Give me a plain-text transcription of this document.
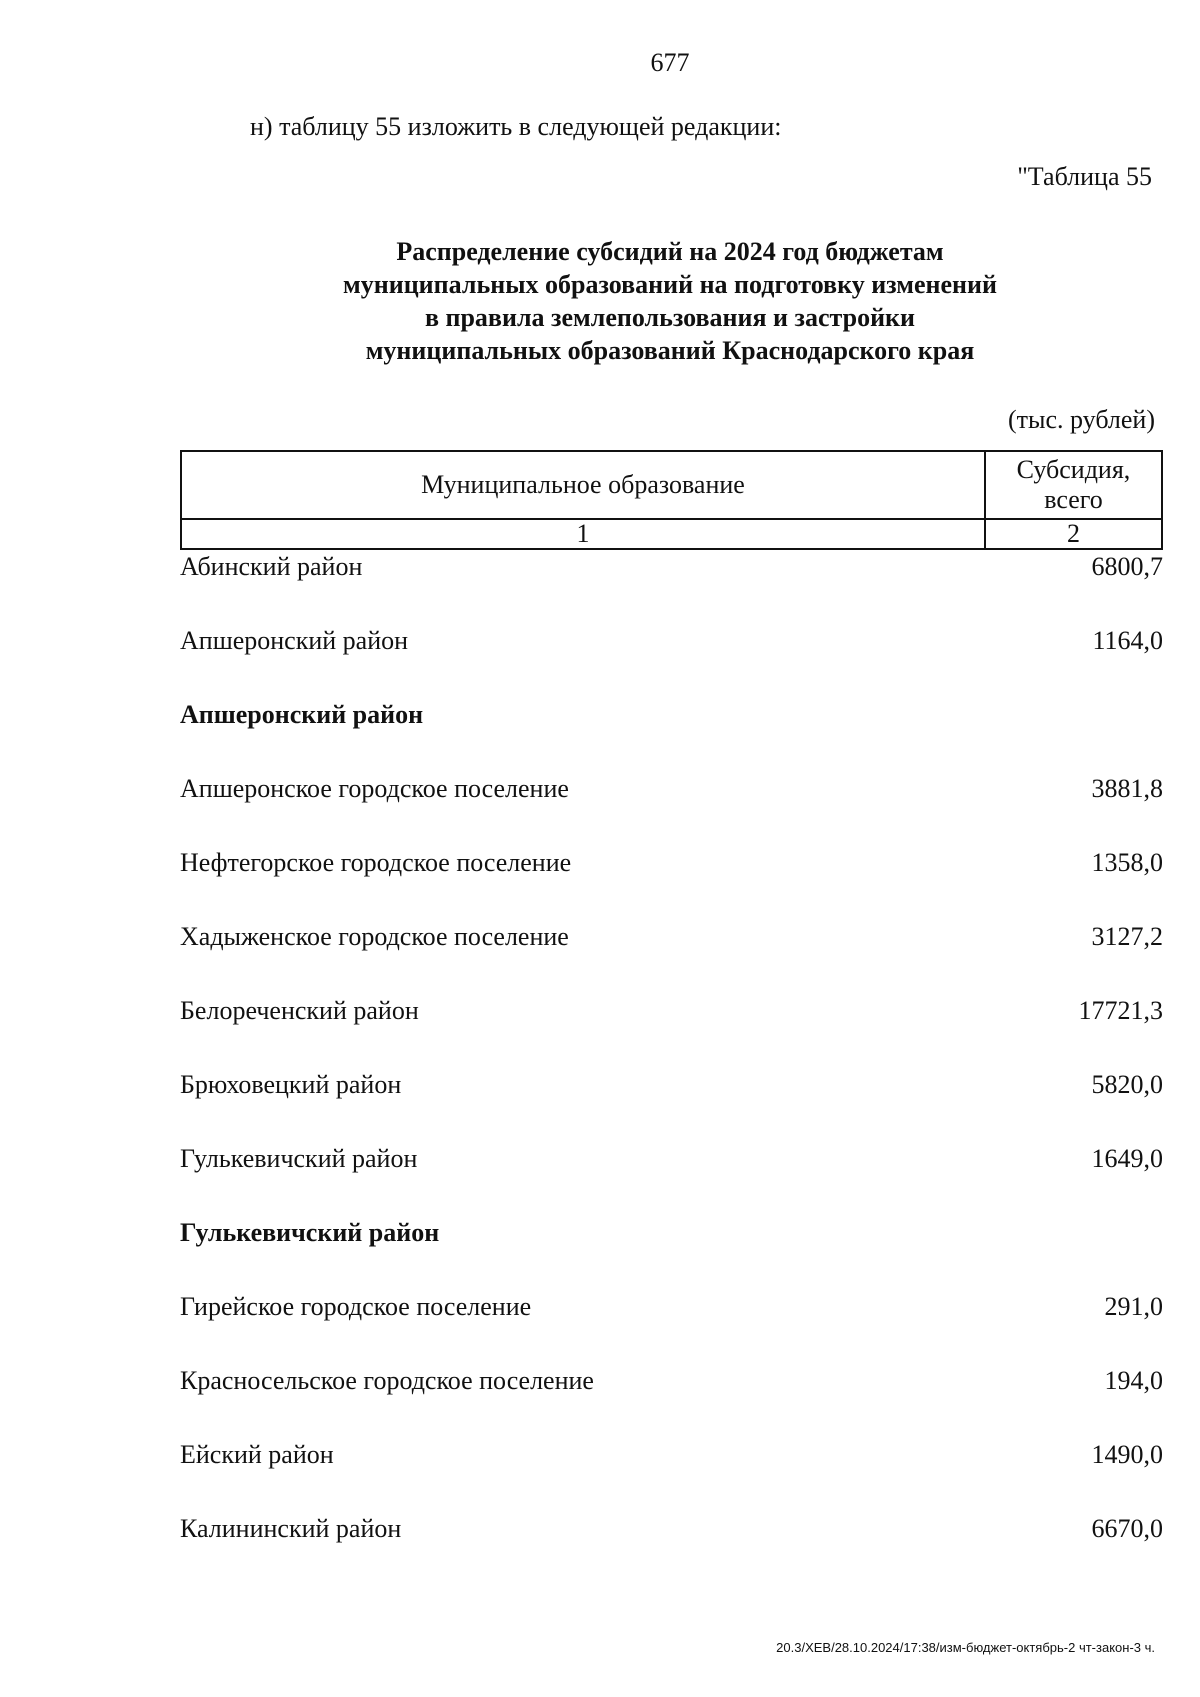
677
н) таблицу 55 изложить в следующей редакции:
"Таблица 55
Распределение субсидий на 2024 год бюджетам
муниципальных образований на подготовку изменений
в правила землепользования и застройки
муниципальных образований Краснодарского края
(тыс. рублей)
Муниципальное образование	Субсидия,
всего
1	2
Абинский район	6800,7
Апшеронский район	1164,0
Апшеронский район
Апшеронское городское поселение	3881,8
Нефтегорское городское поселение	1358,0
Хадыженское городское поселение	3127,2
Белореченский район	17721,3
Брюховецкий район	5820,0
Гулькевичский район	1649,0
Гулькевичский район
Гирейское городское поселение	291,0
Красносельское городское поселение	194,0
Ейский район	1490,0
Калининский район	6670,0
20.3/ХЕВ/28.10.2024/17:38/изм-бюджет-октябрь-2 чт-закон-3 ч.
